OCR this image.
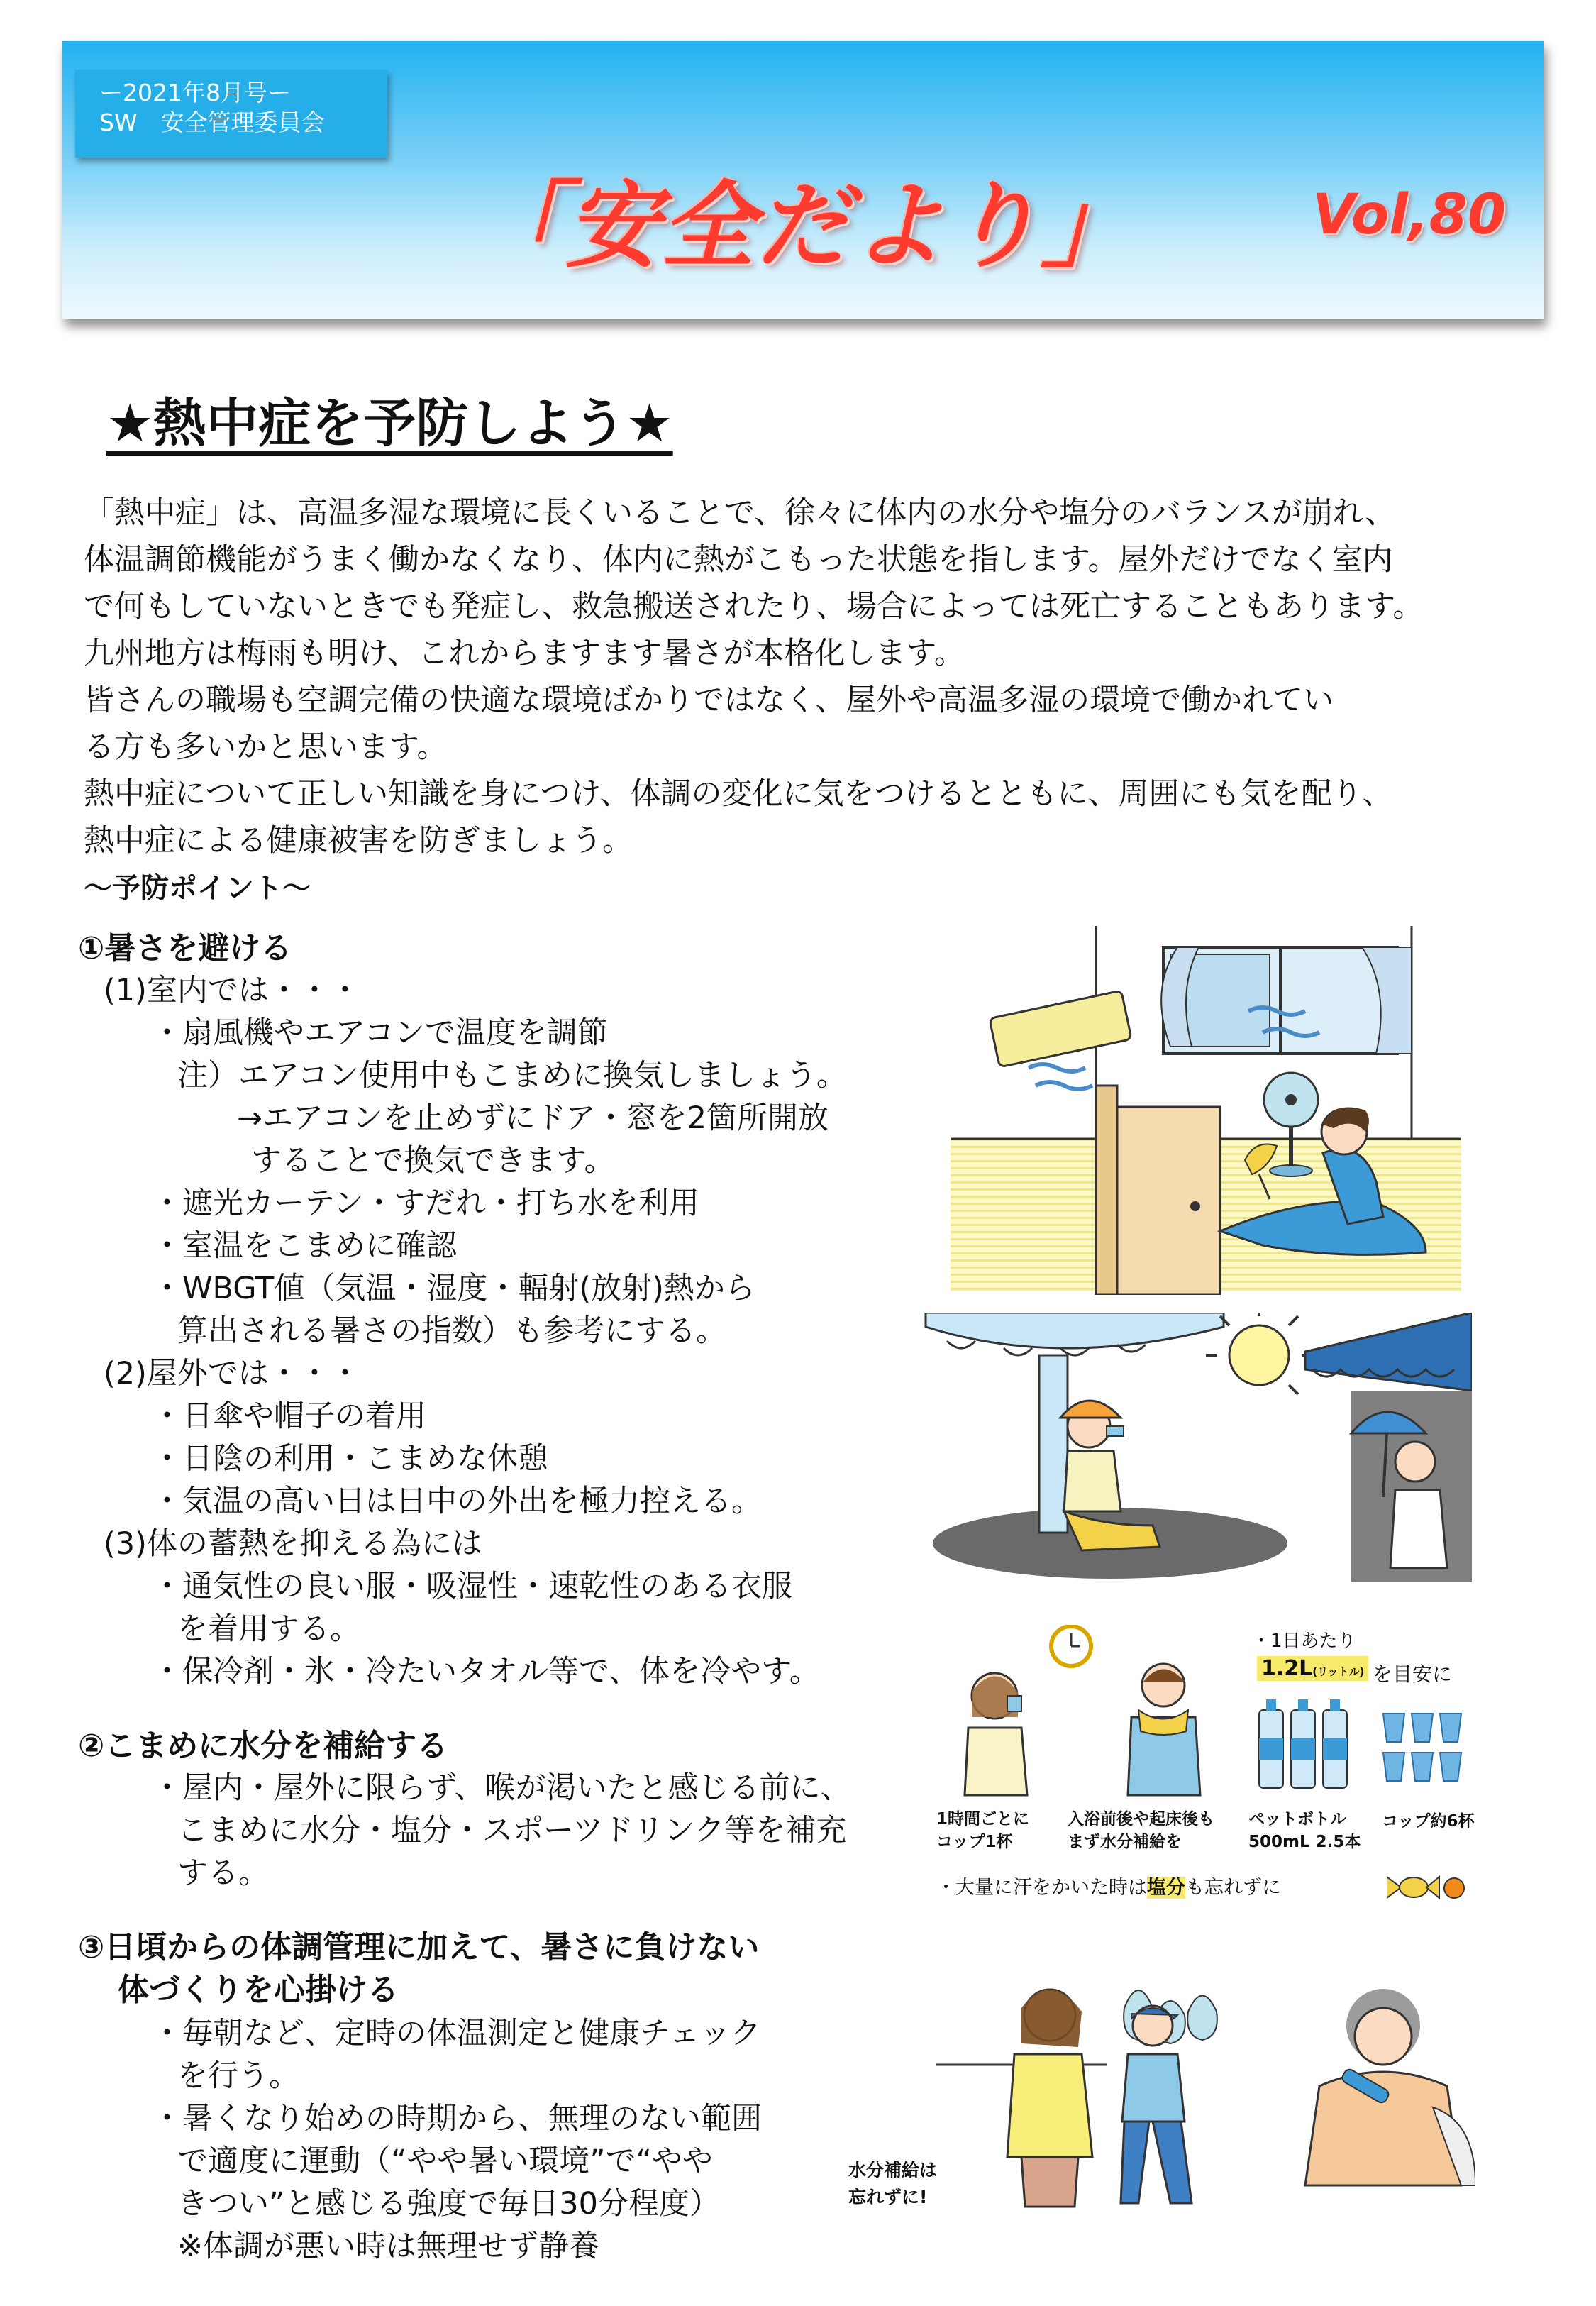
ー2021年8月号ー
SW　安全管理委員会
「安全だより」	Vol,80
★熱中症を予防しよう★

「熱中症」は、高温多湿な環境に長くいることで、徐々に体内の水分や塩分のバランスが崩れ、

体温調節機能がうまく働かなくなり、体内に熱がこもった状態を指します。屋外だけでなく室内

で何もしていないときでも発症し、救急搬送されたり、場合によっては死亡することもあります。

九州地方は梅雨も明け、これからますます暑さが本格化します。

皆さんの職場も空調完備の快適な環境ばかりではなく、屋外や高温多湿の環境で働かれてい

る方も多いかと思います。

熱中症について正しい知識を身につけ、体調の変化に気をつけるとともに、周囲にも気を配り、

熱中症による健康被害を防ぎましょう。

〜予防ポイント〜
①暑さを避ける
(1)室内では・・・
・扇風機やエアコンで温度を調節
注）エアコン使用中もこまめに換気しましょう。
→エアコンを止めずにドア・窓を2箇所開放
することで換気できます。
・遮光カーテン・すだれ・打ち水を利用
・室温をこまめに確認
・WBGT値（気温・湿度・輻射(放射)熱から
算出される暑さの指数）も参考にする。
(2)屋外では・・・
・日傘や帽子の着用
・日陰の利用・こまめな休憩
・気温の高い日は日中の外出を極力控える。
(3)体の蓄熱を抑える為には
・通気性の良い服・吸湿性・速乾性のある衣服
を着用する。
・保冷剤・氷・冷たいタオル等で、体を冷やす。
②こまめに水分を補給する
・屋内・屋外に限らず、喉が渇いたと感じる前に、
こまめに水分・塩分・スポーツドリンク等を補充
する。
③日頃からの体調管理に加えて、暑さに負けない
体づくりを心掛ける
・毎朝など、定時の体温測定と健康チェック
を行う。
・暑くなり始めの時期から、無理のない範囲
で適度に運動（“やや暑い環境”で“やや
きつい”と感じる強度で毎日30分程度）
※体調が悪い時は無理せず静養
・1日あたり
1.2L(リットル) を目安に
1時間ごとに
コップ1杯
入浴前後や起床後も
まず水分補給を
ペットボトル
500mL 2.5本
コップ約6杯
・大量に汗をかいた時は塩分も忘れずに
水分補給は
忘れずに!
